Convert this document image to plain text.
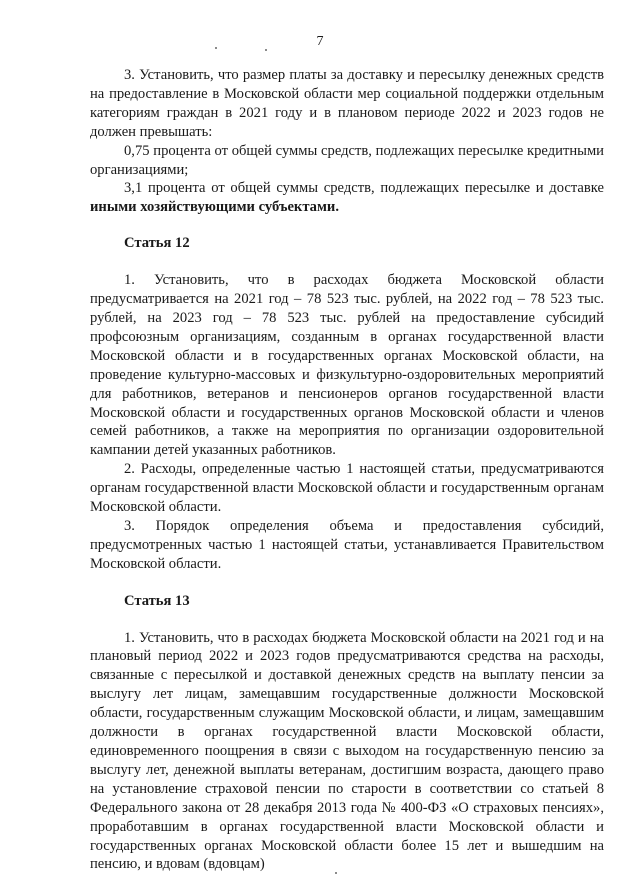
7

3. Установить, что размер платы за доставку и пересылку денежных средств на предоставление в Московской области мер социальной поддержки отдельным категориям граждан в 2021 году и в плановом периоде 2022 и 2023 годов не должен превышать:

0,75 процента от общей суммы средств, подлежащих пересылке кредитными организациями;

3,1 процента от общей суммы средств, подлежащих пересылке и доставке иными хозяйствующими субъектами.

Статья 12

1. Установить, что в расходах бюджета Московской области предусматривается на 2021 год – 78 523 тыс. рублей, на 2022 год – 78 523 тыс. рублей, на 2023 год – 78 523 тыс. рублей на предоставление субсидий профсоюзным организациям, созданным в органах государственной власти Московской области и в государственных органах Московской области, на проведение культурно-массовых и физкультурно-оздоровительных мероприятий для работников, ветеранов и пенсионеров органов государственной власти Московской области и государственных органов Московской области и членов семей работников, а также на мероприятия по организации оздоровительной кампании детей указанных работников.

2. Расходы, определенные частью 1 настоящей статьи, предусматриваются органам государственной власти Московской области и государственным органам Московской области.

3. Порядок определения объема и предоставления субсидий, предусмотренных частью 1 настоящей статьи, устанавливается Правительством Московской области.

Статья 13

1. Установить, что в расходах бюджета Московской области на 2021 год и на плановый период 2022 и 2023 годов предусматриваются средства на расходы, связанные с пересылкой и доставкой денежных средств на выплату пенсии за выслугу лет лицам, замещавшим государственные должности Московской области, государственным служащим Московской области, и лицам, замещавшим должности в органах государственной власти Московской области, единовременного поощрения в связи с выходом на государственную пенсию за выслугу лет, денежной выплаты ветеранам, достигшим возраста, дающего право на установление страховой пенсии по старости в соответствии со статьей 8 Федерального закона от 28 декабря 2013 года № 400-ФЗ «О страховых пенсиях», проработавшим в органах государственной власти Московской области и государственных органах Московской области более 15 лет и вышедшим на пенсию, и вдовам (вдовцам)
